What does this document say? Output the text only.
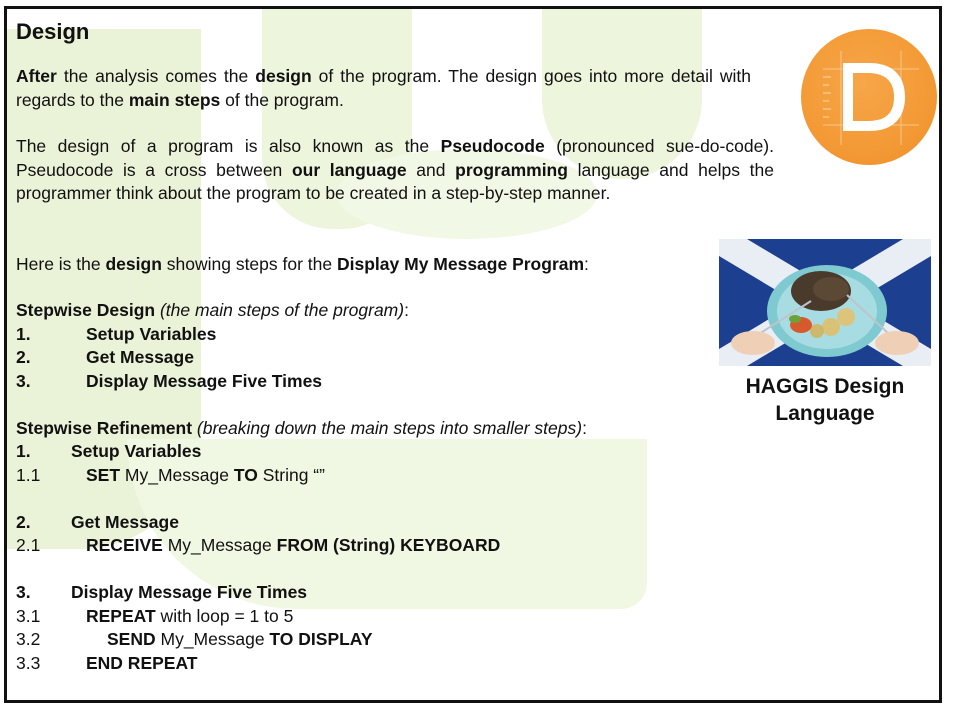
Design
After the analysis comes the design of the program. The design goes into more detail with regards to the main steps of the program.
The design of a program is also known as the Pseudocode (pronounced sue-do-code). Pseudocode is a cross between our language and programming language and helps the programmer think about the program to be created in a step-by-step manner.
Here is the design showing steps for the Display My Message Program:
Stepwise Design (the main steps of the program):
1.	Setup Variables
2.	Get Message
3.	Display Message Five Times
Stepwise Refinement (breaking down the main steps into smaller steps):
1. Setup Variables
1.1	SET My_Message TO String “”
2. Get Message
2.1	RECEIVE My_Message FROM (String) KEYBOARD
3. Display Message Five Times
3.1	REPEAT with loop = 1 to 5
3.2	SEND My_Message TO DISPLAY
3.3	END REPEAT
HAGGIS Design
Language
